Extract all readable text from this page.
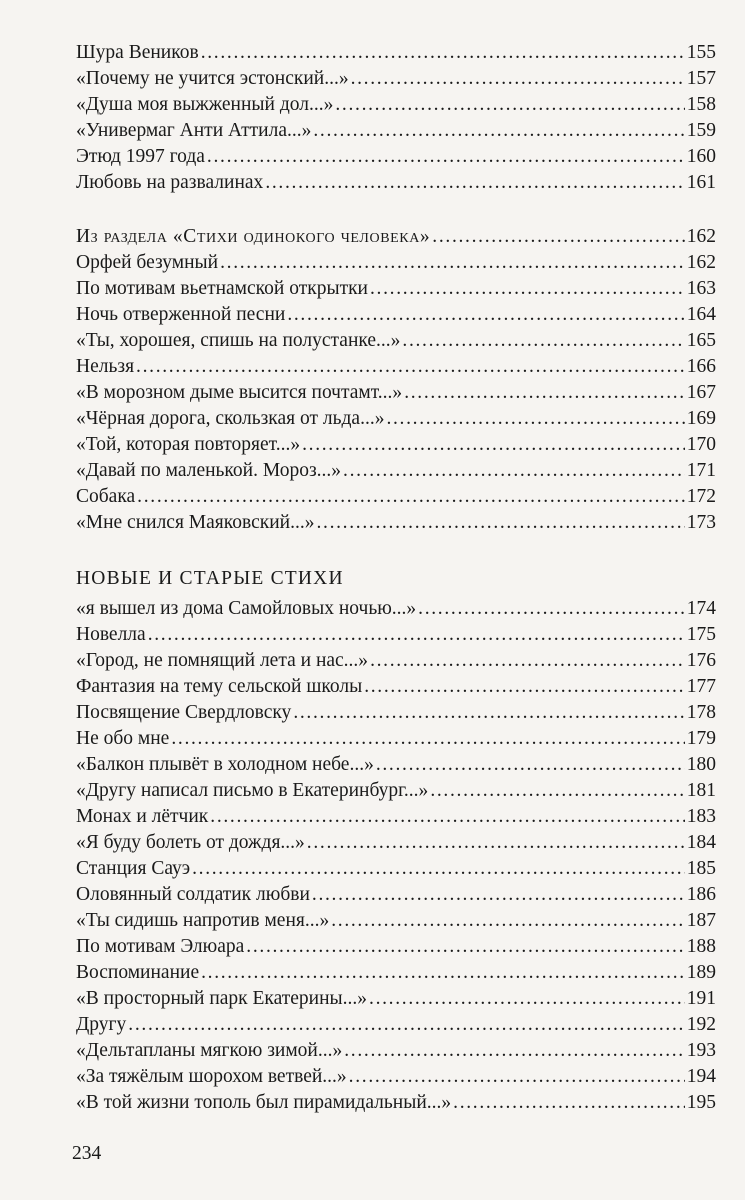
Шура Веников . . .	155
«Почему не учится эстонский...» . . .	157
«Душа моя выжженный дол...» . . .	158
«Универмаг Анти Аттила...» . . .	159
Этюд 1997 года . . .	160
Любовь на развалинах . . .	161
Из раздела «Стихи одинокого человека» . . .	162
Орфей безумный . . .	162
По мотивам вьетнамской открытки . . .	163
Ночь отверженной песни . . .	164
«Ты, хорошея, спишь на полустанке...» . . .	165
Нельзя . . .	166
«В морозном дыме высится почтамт...» . . .	167
«Чёрная дорога, скользкая от льда...» . . .	169
«Той, которая повторяет...» . . .	170
«Давай по маленькой. Мороз...» . . .	171
Собака . . .	172
«Мне снился Маяковский...» . . .	173
НОВЫЕ И СТАРЫЕ СТИХИ
«я вышел из дома Самойловых ночью...» . . .	174
Новелла . . .	175
«Город, не помнящий лета и нас...» . . .	176
Фантазия на тему сельской школы . . .	177
Посвящение Свердловску . . .	178
Не обо мне . . .	179
«Балкон плывёт в холодном небе...» . . .	180
«Другу написал письмо в Екатеринбург...» . . .	181
Монах и лётчик . . .	183
«Я буду болеть от дождя...» . . .	184
Станция Сауэ . . .	185
Оловянный солдатик любви . . .	186
«Ты сидишь напротив меня...» . . .	187
По мотивам Элюара . . .	188
Воспоминание . . .	189
«В просторный парк Екатерины...» . . .	191
Другу . . .	192
«Дельтапланы мягкою зимой...» . . .	193
«За тяжёлым шорохом ветвей...» . . .	194
«В той жизни тополь был пирамидальный...» . . .	195
234
